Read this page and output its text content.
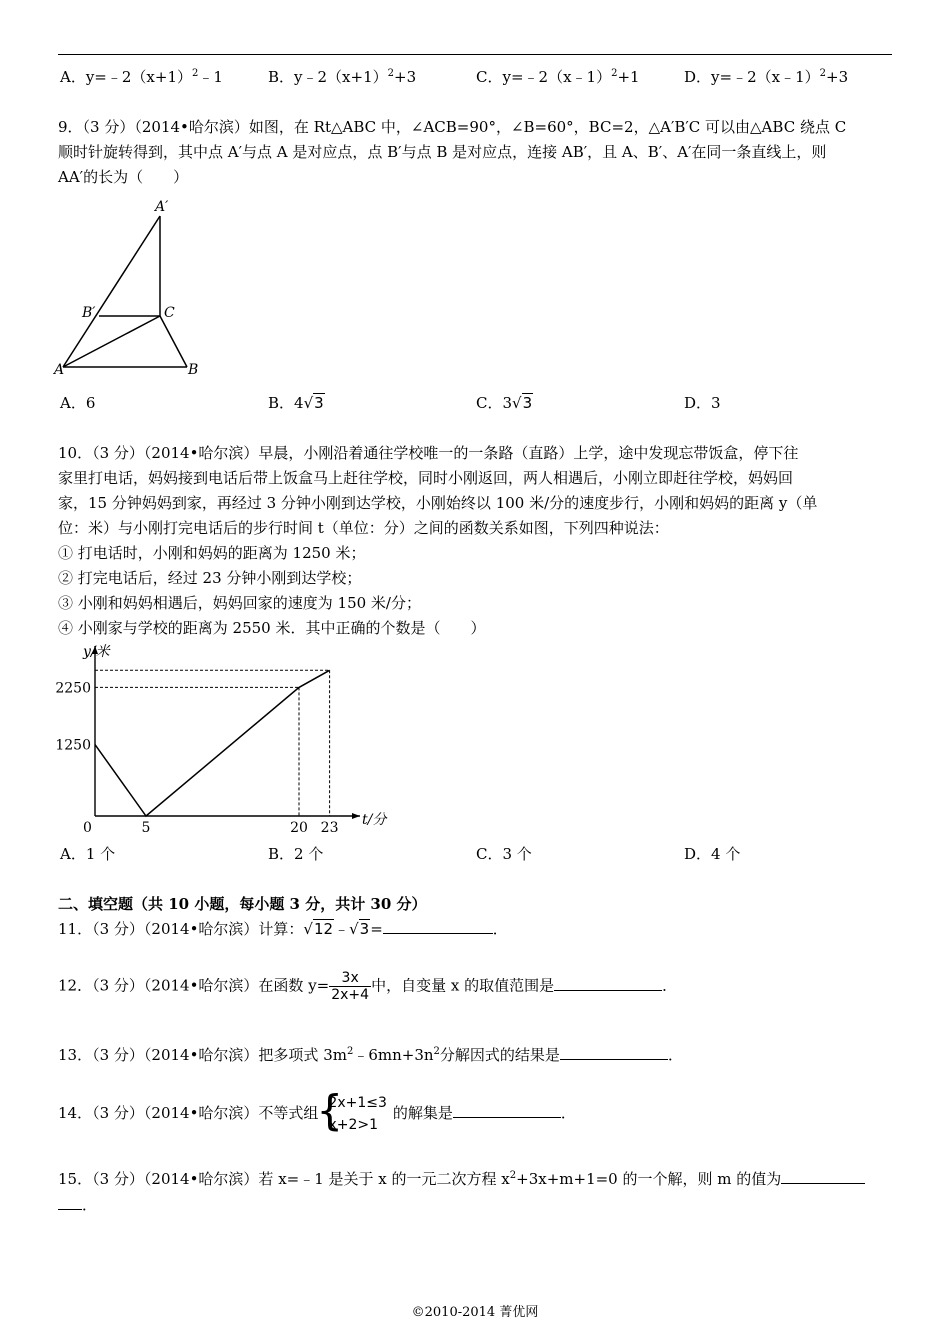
A．$y=﹣2(x+1)^2﹣1$	B．$y﹣2(x+1)^2+3$	C．y=﹣2（x﹣1）$^2$+1	D．y=﹣2（x﹣1）$^2$+3
9．（3 分）（2014•哈尔滨）如图，在 Rt△ABC 中，∠ACB=90°，∠B=60°，BC=2，△A′B′C 可以由△ABC 绕点 C
顺时针旋转得到，其中点 A′与点 A 是对应点，点 B′与点 B 是对应点，连接 AB′，且 A、B′、A′在同一条直线上，则
AA′的长为（　　）
A′
B′	C
A	B
A．6	B．4√3	C．3√3	D．3
10．（3 分）（2014•哈尔滨）早晨，小刚沿着通往学校唯一的一条路（直路）上学，途中发现忘带饭盒，停下往
家里打电话，妈妈接到电话后带上饭盒马上赶往学校，同时小刚返回，两人相遇后，小刚立即赶往学校，妈妈回
家，15 分钟妈妈到家，再经过 3 分钟小刚到达学校，小刚始终以 100 米/分的速度步行，小刚和妈妈的距离 y（单
位：米）与小刚打完电话后的步行时间 t（单位：分）之间的函数关系如图，下列四种说法：
① 打电话时，小刚和妈妈的距离为 1250 米；
② 打完电话后，经过 23 分钟小刚到达学校；
③ 小刚和妈妈相遇后，妈妈回家的速度为 150 米/分；
④ 小刚家与学校的距离为 2550 米．其中正确的个数是（　　）
0	5	20 23
1250
2250
t/分
y/米
A．1 个	B．2 个	C．3 个	D．4 个
二、填空题（共 10 小题，每小题 3 分，共计 30 分）
11．（3 分）（2014•哈尔滨）计算：√12﹣√3=	．
12．（3 分）（2014•哈尔滨）在函数 $y= \frac{3x}{2x+4}$ 中，自变量 x 的取值范围是	．
13．（3 分）（2014•哈尔滨）把多项式 $3m^2﹣6mn+3n^2$分解因式的结果是	．
14．（3 分）（2014•哈尔滨）不等式组
{ 2x+1≤3
x+2>1
的解集是	．
15．（3 分）（2014•哈尔滨）若 x=﹣1 是关于 x 的一元二次方程 $x^2+3x+m+1=0$ 的一个解，则 m 的值为
．
©2010-2014 菁优网
